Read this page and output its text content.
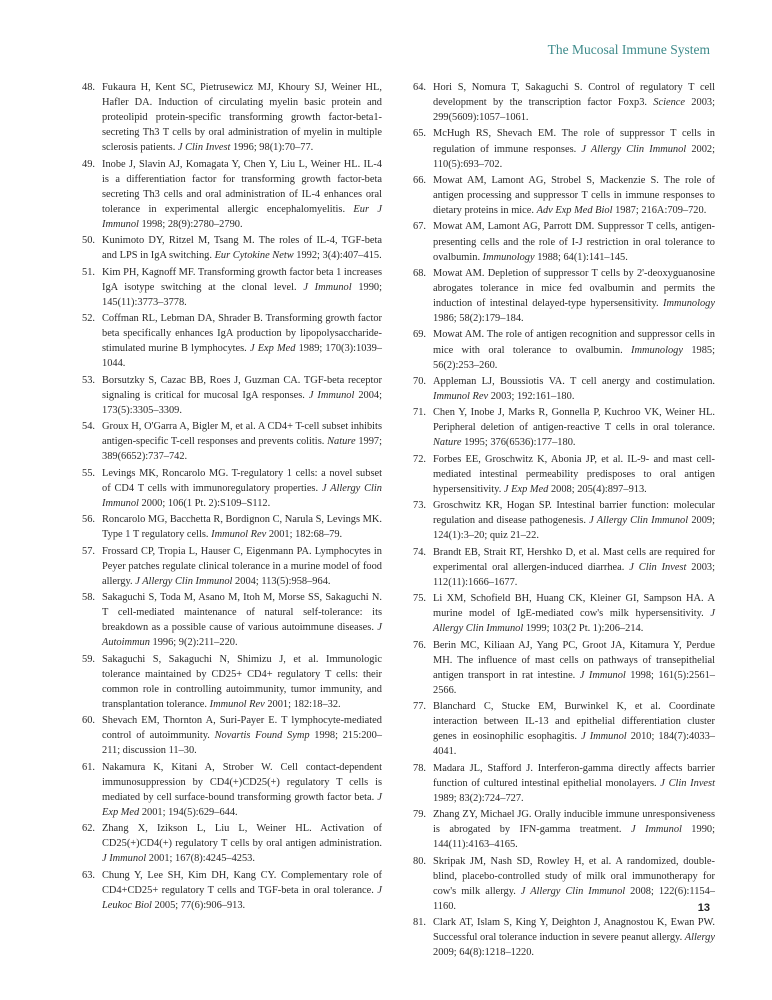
The Mucosal Immune System
48. Fukaura H, Kent SC, Pietrusewicz MJ, Khoury SJ, Weiner HL, Hafler DA. Induction of circulating myelin basic protein and proteolipid protein-specific transforming growth factor-beta1-secreting Th3 T cells by oral administration of myelin in multiple sclerosis patients. J Clin Invest 1996; 98(1):70–77.
49. Inobe J, Slavin AJ, Komagata Y, Chen Y, Liu L, Weiner HL. IL-4 is a differentiation factor for transforming growth factor-beta secreting Th3 cells and oral administration of IL-4 enhances oral tolerance in experimental allergic encephalomyelitis. Eur J Immunol 1998; 28(9):2780–2790.
50. Kunimoto DY, Ritzel M, Tsang M. The roles of IL-4, TGF-beta and LPS in IgA switching. Eur Cytokine Netw 1992; 3(4):407–415.
51. Kim PH, Kagnoff MF. Transforming growth factor beta 1 increases IgA isotype switching at the clonal level. J Immunol 1990; 145(11):3773–3778.
52. Coffman RL, Lebman DA, Shrader B. Transforming growth factor beta specifically enhances IgA production by lipopolysaccharide-stimulated murine B lymphocytes. J Exp Med 1989; 170(3):1039–1044.
53. Borsutzky S, Cazac BB, Roes J, Guzman CA. TGF-beta receptor signaling is critical for mucosal IgA responses. J Immunol 2004; 173(5):3305–3309.
54. Groux H, O'Garra A, Bigler M, et al. A CD4+ T-cell subset inhibits antigen-specific T-cell responses and prevents colitis. Nature 1997; 389(6652):737–742.
55. Levings MK, Roncarolo MG. T-regulatory 1 cells: a novel subset of CD4 T cells with immunoregulatory properties. J Allergy Clin Immunol 2000; 106(1 Pt. 2):S109–S112.
56. Roncarolo MG, Bacchetta R, Bordignon C, Narula S, Levings MK. Type 1 T regulatory cells. Immunol Rev 2001; 182:68–79.
57. Frossard CP, Tropia L, Hauser C, Eigenmann PA. Lymphocytes in Peyer patches regulate clinical tolerance in a murine model of food allergy. J Allergy Clin Immunol 2004; 113(5):958–964.
58. Sakaguchi S, Toda M, Asano M, Itoh M, Morse SS, Sakaguchi N. T cell-mediated maintenance of natural self-tolerance: its breakdown as a possible cause of various autoimmune diseases. J Autoimmun 1996; 9(2):211–220.
59. Sakaguchi S, Sakaguchi N, Shimizu J, et al. Immunologic tolerance maintained by CD25+ CD4+ regulatory T cells: their common role in controlling autoimmunity, tumor immunity, and transplantation tolerance. Immunol Rev 2001; 182:18–32.
60. Shevach EM, Thornton A, Suri-Payer E. T lymphocyte-mediated control of autoimmunity. Novartis Found Symp 1998; 215:200–211; discussion 11–30.
61. Nakamura K, Kitani A, Strober W. Cell contact-dependent immunosuppression by CD4(+)CD25(+) regulatory T cells is mediated by cell surface-bound transforming growth factor beta. J Exp Med 2001; 194(5):629–644.
62. Zhang X, Izikson L, Liu L, Weiner HL. Activation of CD25(+)CD4(+) regulatory T cells by oral antigen administration. J Immunol 2001; 167(8):4245–4253.
63. Chung Y, Lee SH, Kim DH, Kang CY. Complementary role of CD4+CD25+ regulatory T cells and TGF-beta in oral tolerance. J Leukoc Biol 2005; 77(6):906–913.
64. Hori S, Nomura T, Sakaguchi S. Control of regulatory T cell development by the transcription factor Foxp3. Science 2003; 299(5609):1057–1061.
65. McHugh RS, Shevach EM. The role of suppressor T cells in regulation of immune responses. J Allergy Clin Immunol 2002; 110(5):693–702.
66. Mowat AM, Lamont AG, Strobel S, Mackenzie S. The role of antigen processing and suppressor T cells in immune responses to dietary proteins in mice. Adv Exp Med Biol 1987; 216A:709–720.
67. Mowat AM, Lamont AG, Parrott DM. Suppressor T cells, antigen-presenting cells and the role of I-J restriction in oral tolerance to ovalbumin. Immunology 1988; 64(1):141–145.
68. Mowat AM. Depletion of suppressor T cells by 2'-deoxyguanosine abrogates tolerance in mice fed ovalbumin and permits the induction of intestinal delayed-type hypersensitivity. Immunology 1986; 58(2):179–184.
69. Mowat AM. The role of antigen recognition and suppressor cells in mice with oral tolerance to ovalbumin. Immunology 1985; 56(2):253–260.
70. Appleman LJ, Boussiotis VA. T cell anergy and costimulation. Immunol Rev 2003; 192:161–180.
71. Chen Y, Inobe J, Marks R, Gonnella P, Kuchroo VK, Weiner HL. Peripheral deletion of antigen-reactive T cells in oral tolerance. Nature 1995; 376(6536):177–180.
72. Forbes EE, Groschwitz K, Abonia JP, et al. IL-9- and mast cell-mediated intestinal permeability predisposes to oral antigen hypersensitivity. J Exp Med 2008; 205(4):897–913.
73. Groschwitz KR, Hogan SP. Intestinal barrier function: molecular regulation and disease pathogenesis. J Allergy Clin Immunol 2009; 124(1):3–20; quiz 21–22.
74. Brandt EB, Strait RT, Hershko D, et al. Mast cells are required for experimental oral allergen-induced diarrhea. J Clin Invest 2003; 112(11):1666–1677.
75. Li XM, Schofield BH, Huang CK, Kleiner GI, Sampson HA. A murine model of IgE-mediated cow's milk hypersensitivity. J Allergy Clin Immunol 1999; 103(2 Pt. 1):206–214.
76. Berin MC, Kiliaan AJ, Yang PC, Groot JA, Kitamura Y, Perdue MH. The influence of mast cells on pathways of transepithelial antigen transport in rat intestine. J Immunol 1998; 161(5):2561–2566.
77. Blanchard C, Stucke EM, Burwinkel K, et al. Coordinate interaction between IL-13 and epithelial differentiation cluster genes in eosinophilic esophagitis. J Immunol 2010; 184(7):4033–4041.
78. Madara JL, Stafford J. Interferon-gamma directly affects barrier function of cultured intestinal epithelial monolayers. J Clin Invest 1989; 83(2):724–727.
79. Zhang ZY, Michael JG. Orally inducible immune unresponsiveness is abrogated by IFN-gamma treatment. J Immunol 1990; 144(11):4163–4165.
80. Skripak JM, Nash SD, Rowley H, et al. A randomized, double-blind, placebo-controlled study of milk oral immunotherapy for cow's milk allergy. J Allergy Clin Immunol 2008; 122(6):1154–1160.
81. Clark AT, Islam S, King Y, Deighton J, Anagnostou K, Ewan PW. Successful oral tolerance induction in severe peanut allergy. Allergy 2009; 64(8):1218–1220.
13
